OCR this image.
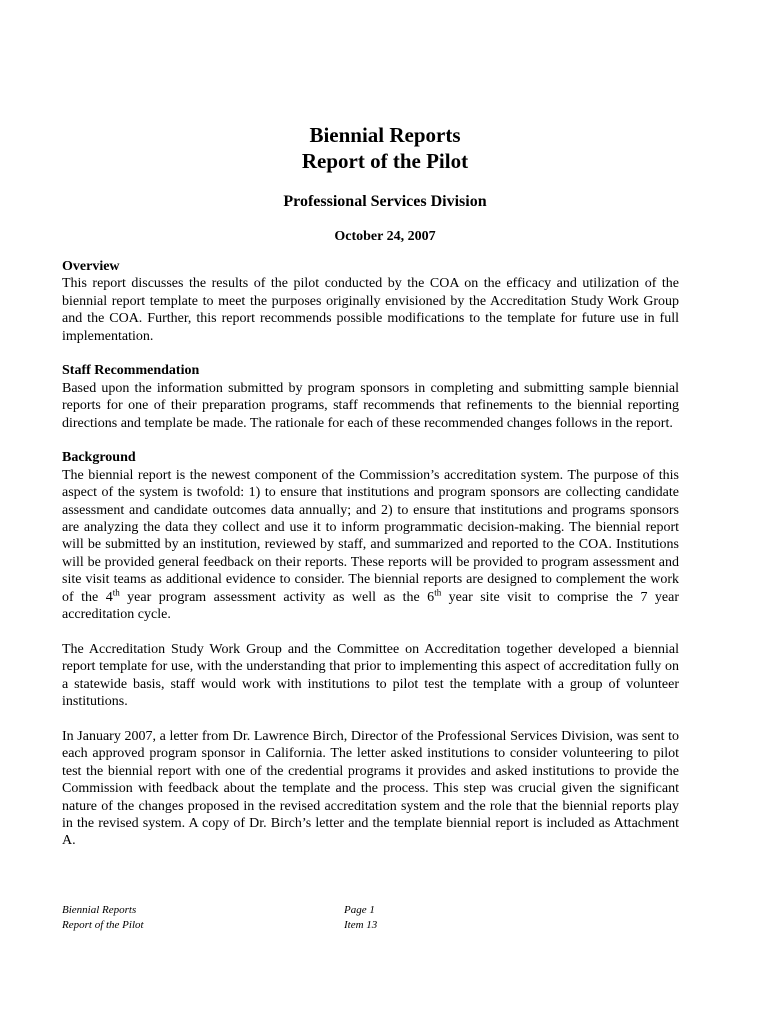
Biennial Reports
Report of the Pilot
Professional Services Division
October 24, 2007

Overview

This report discusses the results of the pilot conducted by the COA on the efficacy and utilization of the biennial report template to meet the purposes originally envisioned by the Accreditation Study Work Group and the COA. Further, this report recommends possible modifications to the template for future use in full implementation.

Staff Recommendation

Based upon the information submitted by program sponsors in completing and submitting sample biennial reports for one of their preparation programs, staff recommends that refinements to the biennial reporting directions and template be made. The rationale for each of these recommended changes follows in the report.

Background

The biennial report is the newest component of the Commission’s accreditation system. The purpose of this aspect of the system is twofold: 1) to ensure that institutions and program sponsors are collecting candidate assessment and candidate outcomes data annually; and 2) to ensure that institutions and programs sponsors are analyzing the data they collect and use it to inform programmatic decision-making. The biennial report will be submitted by an institution, reviewed by staff, and summarized and reported to the COA. Institutions will be provided general feedback on their reports. These reports will be provided to program assessment and site visit teams as additional evidence to consider. The biennial reports are designed to complement the work of the 4th year program assessment activity as well as the 6th year site visit to comprise the 7 year accreditation cycle.

The Accreditation Study Work Group and the Committee on Accreditation together developed a biennial report template for use, with the understanding that prior to implementing this aspect of accreditation fully on a statewide basis, staff would work with institutions to pilot test the template with a group of volunteer institutions.

In January 2007, a letter from Dr. Lawrence Birch, Director of the Professional Services Division, was sent to each approved program sponsor in California. The letter asked institutions to consider volunteering to pilot test the biennial report with one of the credential programs it provides and asked institutions to provide the Commission with feedback about the template and the process. This step was crucial given the significant nature of the changes proposed in the revised accreditation system and the role that the biennial reports play in the revised system. A copy of Dr. Birch’s letter and the template biennial report is included as Attachment A.

Biennial Reports
Report of the Pilot
Page 1
Item 13
